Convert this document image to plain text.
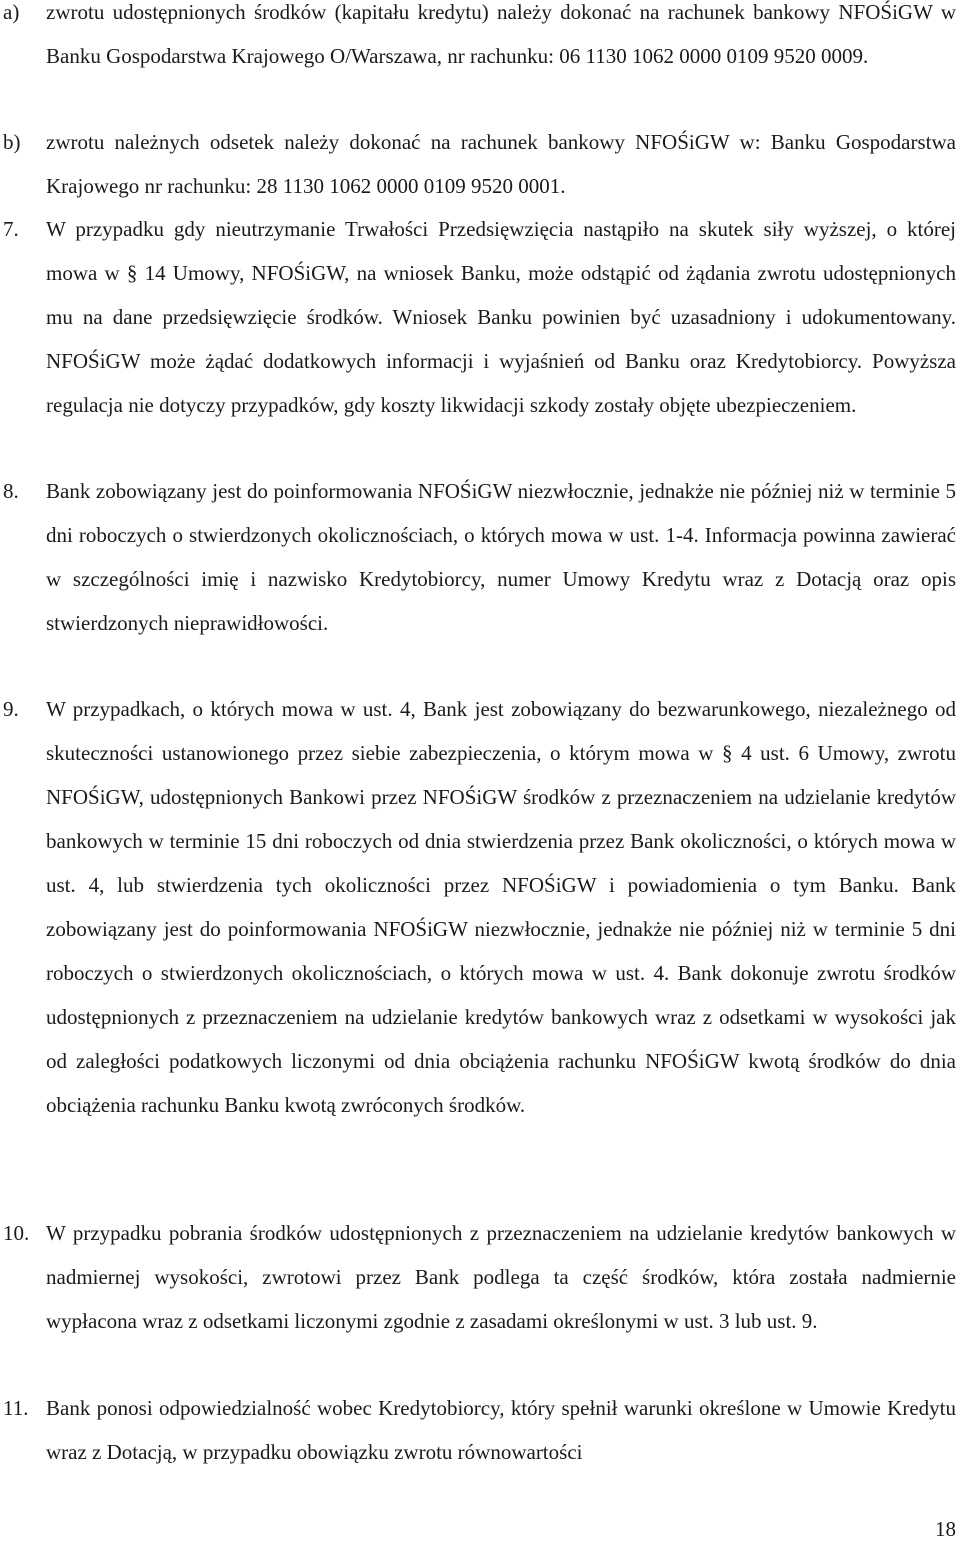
a) zwrotu udostępnionych środków (kapitału kredytu) należy dokonać na rachunek bankowy NFOŚiGW w Banku Gospodarstwa Krajowego O/Warszawa, nr rachunku: 06 1130 1062 0000 0109 9520 0009.
b) zwrotu należnych odsetek należy dokonać na rachunek bankowy NFOŚiGW w: Banku Gospodarstwa Krajowego nr rachunku: 28 1130 1062 0000 0109 9520 0001.
7. W przypadku gdy nieutrzymanie Trwałości Przedsięwzięcia nastąpiło na skutek siły wyższej, o której mowa w § 14 Umowy, NFOŚiGW, na wniosek Banku, może odstąpić od żądania zwrotu udostępnionych mu na dane przedsięwzięcie środków. Wniosek Banku powinien być uzasadniony i udokumentowany. NFOŚiGW może żądać dodatkowych informacji i wyjaśnień od Banku oraz Kredytobiorcy. Powyższa regulacja nie dotyczy przypadków, gdy koszty likwidacji szkody zostały objęte ubezpieczeniem.
8. Bank zobowiązany jest do poinformowania NFOŚiGW niezwłocznie, jednakże nie później niż w terminie 5 dni roboczych o stwierdzonych okolicznościach, o których mowa w ust. 1-4. Informacja powinna zawierać w szczególności imię i nazwisko Kredytobiorcy, numer Umowy Kredytu wraz z Dotacją oraz opis stwierdzonych nieprawidłowości.
9. W przypadkach, o których mowa w ust. 4, Bank jest zobowiązany do bezwarunkowego, niezależnego od skuteczności ustanowionego przez siebie zabezpieczenia, o którym mowa w § 4 ust. 6 Umowy, zwrotu NFOŚiGW, udostępnionych Bankowi przez NFOŚiGW środków z przeznaczeniem na udzielanie kredytów bankowych w terminie 15 dni roboczych od dnia stwierdzenia przez Bank okoliczności, o których mowa w ust. 4, lub stwierdzenia tych okoliczności przez NFOŚiGW i powiadomienia o tym Banku. Bank zobowiązany jest do poinformowania NFOŚiGW niezwłocznie, jednakże nie później niż w terminie 5 dni roboczych o stwierdzonych okolicznościach, o których mowa w ust. 4. Bank dokonuje zwrotu środków udostępnionych z przeznaczeniem na udzielanie kredytów bankowych wraz z odsetkami w wysokości jak od zaległości podatkowych liczonymi od dnia obciążenia rachunku NFOŚiGW kwotą środków do dnia obciążenia rachunku Banku kwotą zwróconych środków.
10. W przypadku pobrania środków udostępnionych z przeznaczeniem na udzielanie kredytów bankowych w nadmiernej wysokości, zwrotowi przez Bank podlega ta część środków, która została nadmiernie wypłacona wraz z odsetkami liczonymi zgodnie z zasadami określonymi w ust. 3 lub ust. 9.
11. Bank ponosi odpowiedzialność wobec Kredytobiorcy, który spełnił warunki określone w Umowie Kredytu wraz z Dotacją, w przypadku obowiązku zwrotu równowartości
18
